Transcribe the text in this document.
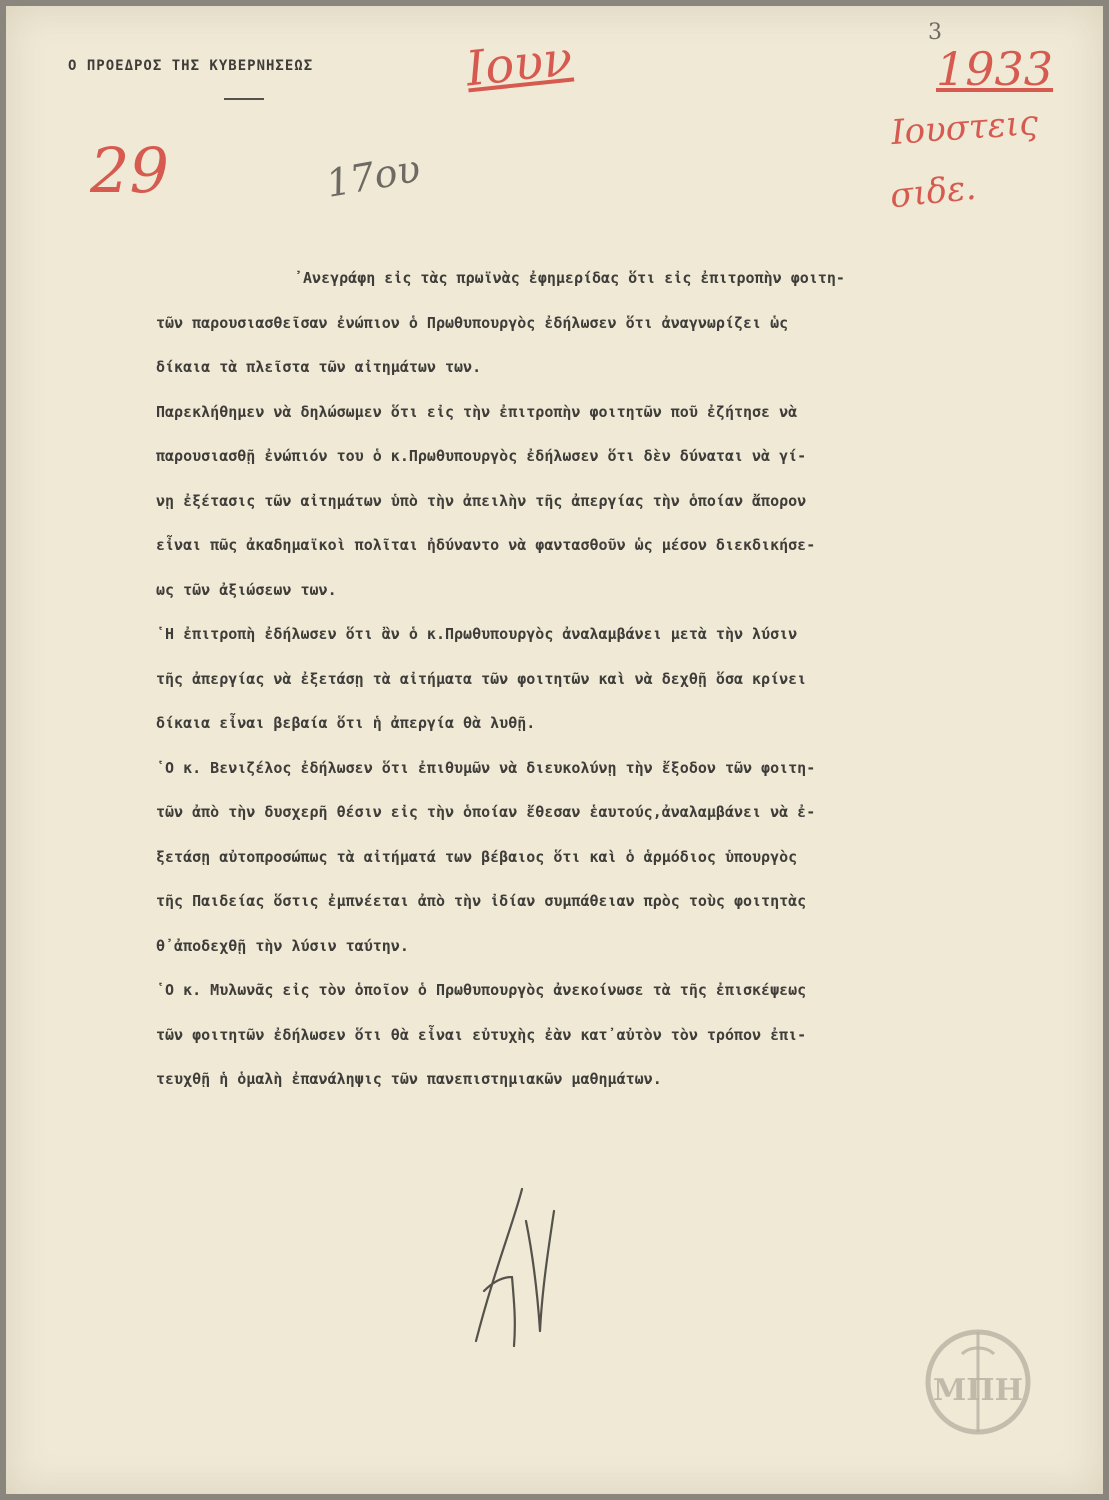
Ο ΠΡΟΕΔΡΟΣ ΤΗΣ ΚΥΒΕΡΝΗΣΕΩΣ	Ιουν	3
1933
29	17ου
Ιουστεις
σιδε.
᾿Ανεγράφη εἰς τὰς πρωϊνὰς ἐφημερίδας ὅτι εἰς ἐπιτροπὴν φοιτη-
τῶν παρουσιασθεῖσαν ἐνώπιον ὁ Πρωθυπουργὸς ἐδήλωσεν ὅτι ἀναγνωρίζει ὡς
δίκαια τὰ πλεῖστα τῶν αἰτημάτων των.
Παρεκλήθημεν νὰ δηλώσωμεν ὅτι εἰς τὴν ἐπιτροπὴν φοιτητῶν ποῦ ἐζήτησε νὰ
παρουσιασθῇ ἐνώπιόν του ὁ κ.Πρωθυπουργὸς ἐδήλωσεν ὅτι δὲν δύναται νὰ γί-
νῃ ἐξέτασις τῶν αἰτημάτων ὑπὸ τὴν ἀπειλὴν τῆς ἀπεργίας τὴν ὁποίαν ἄπορον
εἶναι πῶς ἀκαδημαϊκοὶ πολῖται ἠδύναντο νὰ φαντασθοῦν ὡς μέσον διεκδικήσε-
ως τῶν ἀξιώσεων των.
῾Η ἐπιτροπὴ ἐδήλωσεν ὅτι ἂν ὁ κ.Πρωθυπουργὸς ἀναλαμβάνει μετὰ τὴν λύσιν
τῆς ἀπεργίας νὰ ἐξετάσῃ τὰ αἰτήματα τῶν φοιτητῶν καὶ νὰ δεχθῇ ὅσα κρίνει
δίκαια εἶναι βεβαία ὅτι ἡ ἀπεργία θὰ λυθῇ.
῾Ο κ. Βενιζέλος ἐδήλωσεν ὅτι ἐπιθυμῶν νὰ διευκολύνῃ τὴν ἔξοδον τῶν φοιτη-
τῶν ἀπὸ τὴν δυσχερῆ θέσιν εἰς τὴν ὁποίαν ἔθεσαν ἑαυτούς,ἀναλαμβάνει νὰ ἐ-
ξετάσῃ αὐτοπροσώπως τὰ αἰτήματά των βέβαιος ὅτι καὶ ὁ ἁρμόδιος ὑπουργὸς
τῆς Παιδείας ὅστις ἐμπνέεται ἀπὸ τὴν ἰδίαν συμπάθειαν πρὸς τοὺς φοιτητὰς
θ᾿ἀποδεχθῇ τὴν λύσιν ταύτην.
῾Ο κ. Μυλωνᾶς εἰς τὸν ὁποῖον ὁ Πρωθυπουργὸς ἀνεκοίνωσε τὰ τῆς ἐπισκέψεως
τῶν φοιτητῶν ἐδήλωσεν ὅτι θὰ εἶναι εὐτυχὴς ἐὰν κατ᾿αὐτὸν τὸν τρόπον ἐπι-
τευχθῇ ἡ ὁμαλὴ ἐπανάληψις τῶν πανεπιστημιακῶν μαθημάτων.
ΜΠΗ
